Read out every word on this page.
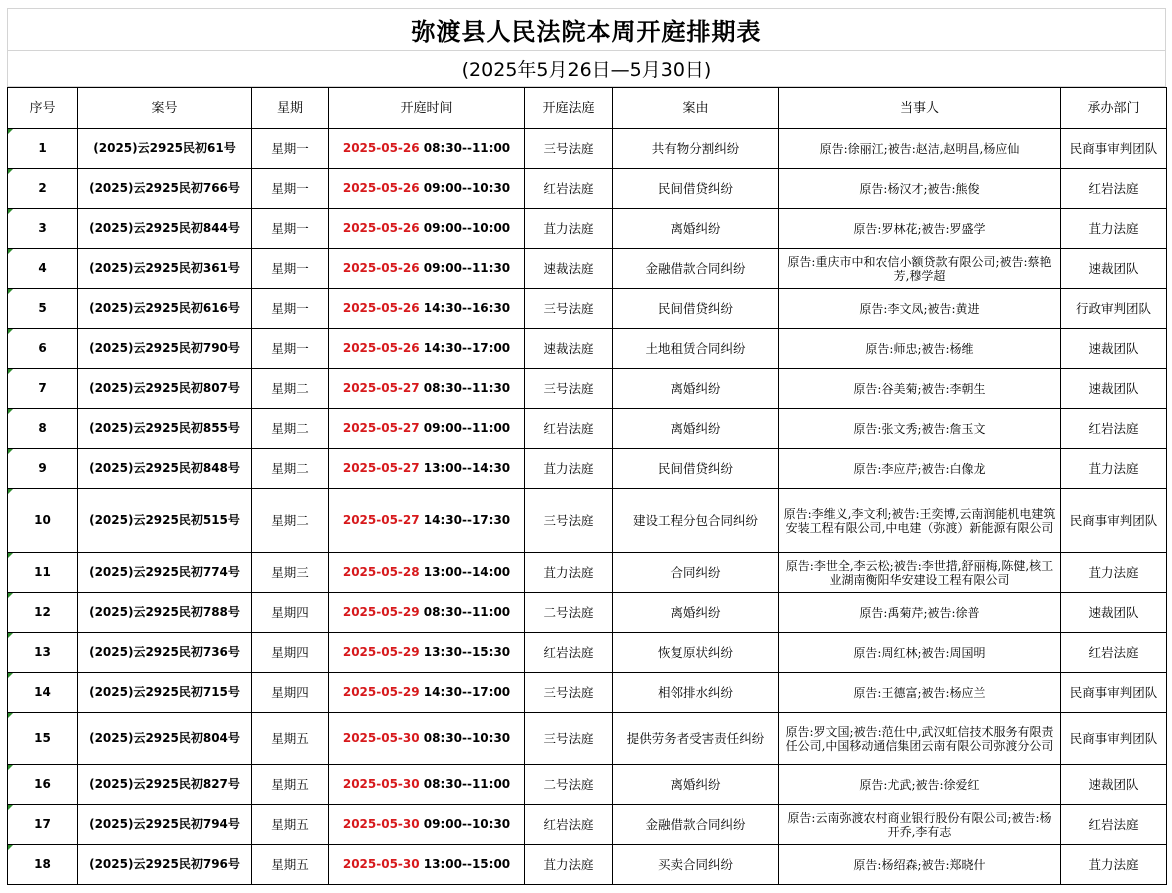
弥渡县人民法院本周开庭排期表
(2025年5月26日—5月30日)
序号	案号	星期	开庭时间	开庭法庭	案由	当事人	承办部门
1	(2025)云2925民初61号	星期一	2025-05-26 08:30--11:00	三号法庭	共有物分割纠纷	原告:徐丽江;被告:赵洁,赵明昌,杨应仙	民商事审判团队
2	(2025)云2925民初766号	星期一	2025-05-26 09:00--10:30	红岩法庭	民间借贷纠纷	原告:杨汉才;被告:熊俊	红岩法庭
3	(2025)云2925民初844号	星期一	2025-05-26 09:00--10:00	苴力法庭	离婚纠纷	原告:罗林花;被告:罗盛学	苴力法庭
4	(2025)云2925民初361号	星期一	2025-05-26 09:00--11:30	速裁法庭	金融借款合同纠纷	原告:重庆市中和农信小额贷款有限公司;被告:蔡艳芳,穆学超	速裁团队
5	(2025)云2925民初616号	星期一	2025-05-26 14:30--16:30	三号法庭	民间借贷纠纷	原告:李文凤;被告:黄进	行政审判团队
6	(2025)云2925民初790号	星期一	2025-05-26 14:30--17:00	速裁法庭	土地租赁合同纠纷	原告:师忠;被告:杨维	速裁团队
7	(2025)云2925民初807号	星期二	2025-05-27 08:30--11:30	三号法庭	离婚纠纷	原告:谷美菊;被告:李朝生	速裁团队
8	(2025)云2925民初855号	星期二	2025-05-27 09:00--11:00	红岩法庭	离婚纠纷	原告:张文秀;被告:詹玉文	红岩法庭
9	(2025)云2925民初848号	星期二	2025-05-27 13:00--14:30	苴力法庭	民间借贷纠纷	原告:李应芹;被告:白像龙	苴力法庭
10	(2025)云2925民初515号	星期二	2025-05-27 14:30--17:30	三号法庭	建设工程分包合同纠纷	原告:李维义,李文利;被告:王奕博,云南润能机电建筑安装工程有限公司,中电建（弥渡）新能源有限公司	民商事审判团队
11	(2025)云2925民初774号	星期三	2025-05-28 13:00--14:00	苴力法庭	合同纠纷	原告:李世全,李云松;被告:李世措,舒丽梅,陈健,核工业湖南衡阳华安建设工程有限公司	苴力法庭
12	(2025)云2925民初788号	星期四	2025-05-29 08:30--11:00	二号法庭	离婚纠纷	原告:禹菊芹;被告:徐普	速裁团队
13	(2025)云2925民初736号	星期四	2025-05-29 13:30--15:30	红岩法庭	恢复原状纠纷	原告:周红林;被告:周国明	红岩法庭
14	(2025)云2925民初715号	星期四	2025-05-29 14:30--17:00	三号法庭	相邻排水纠纷	原告:王德富;被告:杨应兰	民商事审判团队
15	(2025)云2925民初804号	星期五	2025-05-30 08:30--10:30	三号法庭	提供劳务者受害责任纠纷	原告:罗文国;被告:范仕中,武汉虹信技术服务有限责任公司,中国移动通信集团云南有限公司弥渡分公司	民商事审判团队
16	(2025)云2925民初827号	星期五	2025-05-30 08:30--11:00	二号法庭	离婚纠纷	原告:尤武;被告:徐爱红	速裁团队
17	(2025)云2925民初794号	星期五	2025-05-30 09:00--10:30	红岩法庭	金融借款合同纠纷	原告:云南弥渡农村商业银行股份有限公司;被告:杨开乔,李有志	红岩法庭
18	(2025)云2925民初796号	星期五	2025-05-30 13:00--15:00	苴力法庭	买卖合同纠纷	原告:杨绍森;被告:郑晓什	苴力法庭
